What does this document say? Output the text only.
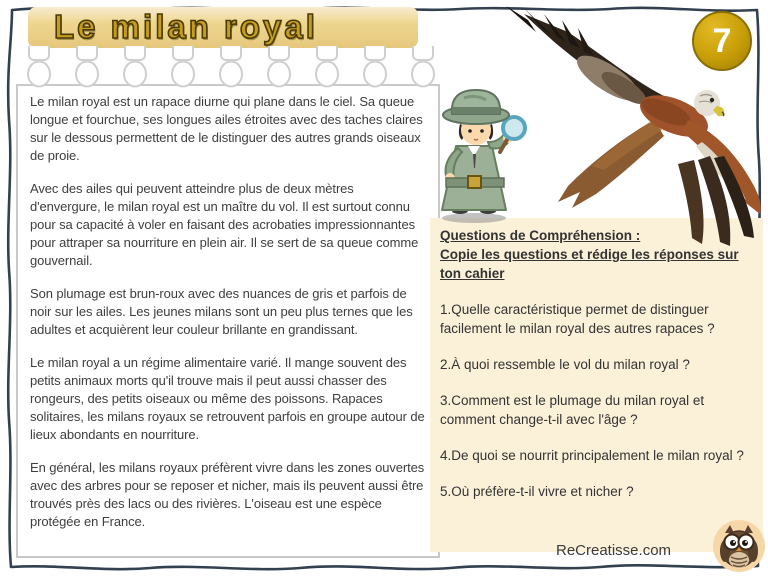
Le milan royal	7

Le milan royal est un rapace diurne qui plane dans le ciel. Sa queue longue et fourchue, ses longues ailes étroites avec des taches claires sur le dessous permettent de le distinguer des autres grands oiseaux de proie.

Avec des ailes qui peuvent atteindre plus de deux mètres d'envergure, le milan royal est un maître du vol. Il est surtout connu pour sa capacité à voler en faisant des acrobaties impressionnantes pour attraper sa nourriture en plein air. Il se sert de sa queue comme gouvernail.

Son plumage est brun-roux avec des nuances de gris et parfois de noir sur les ailes. Les jeunes milans sont un peu plus ternes que les adultes et acquièrent leur couleur brillante en grandissant.

Le milan royal a un régime alimentaire varié. Il mange souvent des petits animaux morts qu'il trouve mais il peut aussi chasser des rongeurs, des petits oiseaux ou même des poissons. Rapaces solitaires, les milans royaux se retrouvent parfois en groupe autour de lieux abondants en nourriture.

En général, les milans royaux préfèrent vivre dans les zones ouvertes avec des arbres pour se reposer et nicher, mais ils peuvent aussi être trouvés près des lacs ou des rivières. L'oiseau est une espèce protégée en France.

Questions de Compréhension :

Copie les questions et rédige les réponses sur ton cahier

1.Quelle caractéristique permet de distinguer facilement le milan royal des autres rapaces ?

2.À quoi ressemble le vol du milan royal ?

3.Comment est le plumage du milan royal et comment change-t-il avec l'âge ?

4.De quoi se nourrit principalement le milan royal ?

5.Où préfère-t-il vivre et nicher ?

ReCreatisse.com
